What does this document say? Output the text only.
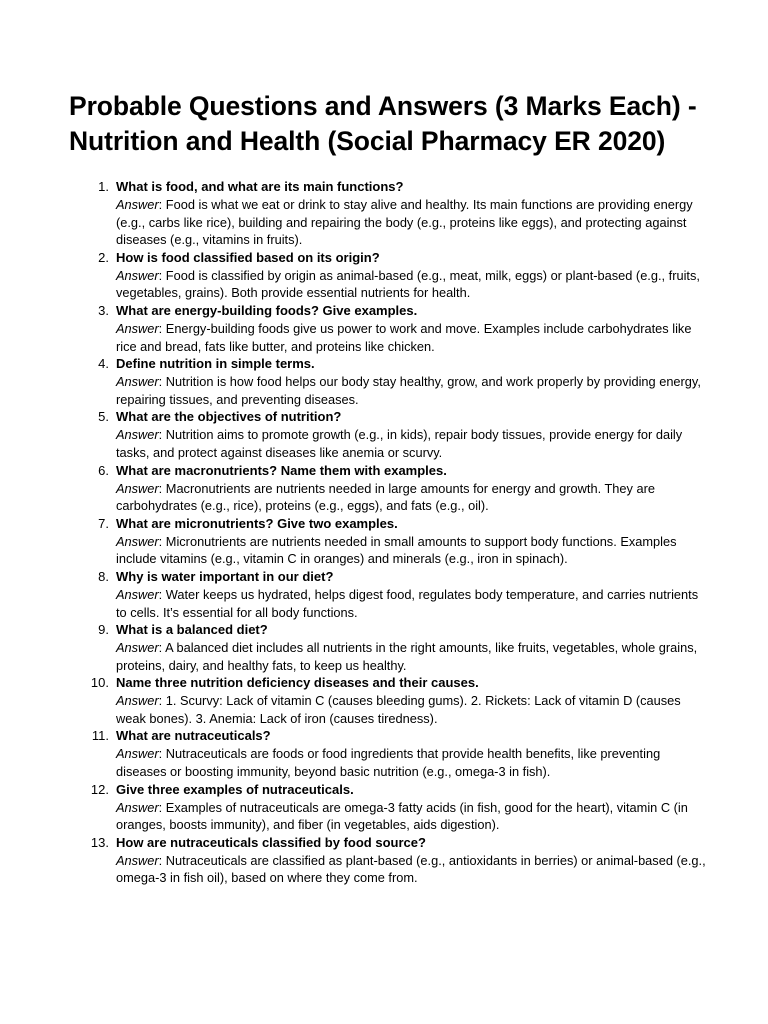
Probable Questions and Answers (3 Marks Each) - Nutrition and Health (Social Pharmacy ER 2020)
1. What is food, and what are its main functions?
Answer: Food is what we eat or drink to stay alive and healthy. Its main functions are providing energy (e.g., carbs like rice), building and repairing the body (e.g., proteins like eggs), and protecting against diseases (e.g., vitamins in fruits).
2. How is food classified based on its origin?
Answer: Food is classified by origin as animal-based (e.g., meat, milk, eggs) or plant-based (e.g., fruits, vegetables, grains). Both provide essential nutrients for health.
3. What are energy-building foods? Give examples.
Answer: Energy-building foods give us power to work and move. Examples include carbohydrates like rice and bread, fats like butter, and proteins like chicken.
4. Define nutrition in simple terms.
Answer: Nutrition is how food helps our body stay healthy, grow, and work properly by providing energy, repairing tissues, and preventing diseases.
5. What are the objectives of nutrition?
Answer: Nutrition aims to promote growth (e.g., in kids), repair body tissues, provide energy for daily tasks, and protect against diseases like anemia or scurvy.
6. What are macronutrients? Name them with examples.
Answer: Macronutrients are nutrients needed in large amounts for energy and growth. They are carbohydrates (e.g., rice), proteins (e.g., eggs), and fats (e.g., oil).
7. What are micronutrients? Give two examples.
Answer: Micronutrients are nutrients needed in small amounts to support body functions. Examples include vitamins (e.g., vitamin C in oranges) and minerals (e.g., iron in spinach).
8. Why is water important in our diet?
Answer: Water keeps us hydrated, helps digest food, regulates body temperature, and carries nutrients to cells. It’s essential for all body functions.
9. What is a balanced diet?
Answer: A balanced diet includes all nutrients in the right amounts, like fruits, vegetables, whole grains, proteins, dairy, and healthy fats, to keep us healthy.
10. Name three nutrition deficiency diseases and their causes.
Answer: 1. Scurvy: Lack of vitamin C (causes bleeding gums). 2. Rickets: Lack of vitamin D (causes weak bones). 3. Anemia: Lack of iron (causes tiredness).
11. What are nutraceuticals?
Answer: Nutraceuticals are foods or food ingredients that provide health benefits, like preventing diseases or boosting immunity, beyond basic nutrition (e.g., omega-3 in fish).
12. Give three examples of nutraceuticals.
Answer: Examples of nutraceuticals are omega-3 fatty acids (in fish, good for the heart), vitamin C (in oranges, boosts immunity), and fiber (in vegetables, aids digestion).
13. How are nutraceuticals classified by food source?
Answer: Nutraceuticals are classified as plant-based (e.g., antioxidants in berries) or animal-based (e.g., omega-3 in fish oil), based on where they come from.
